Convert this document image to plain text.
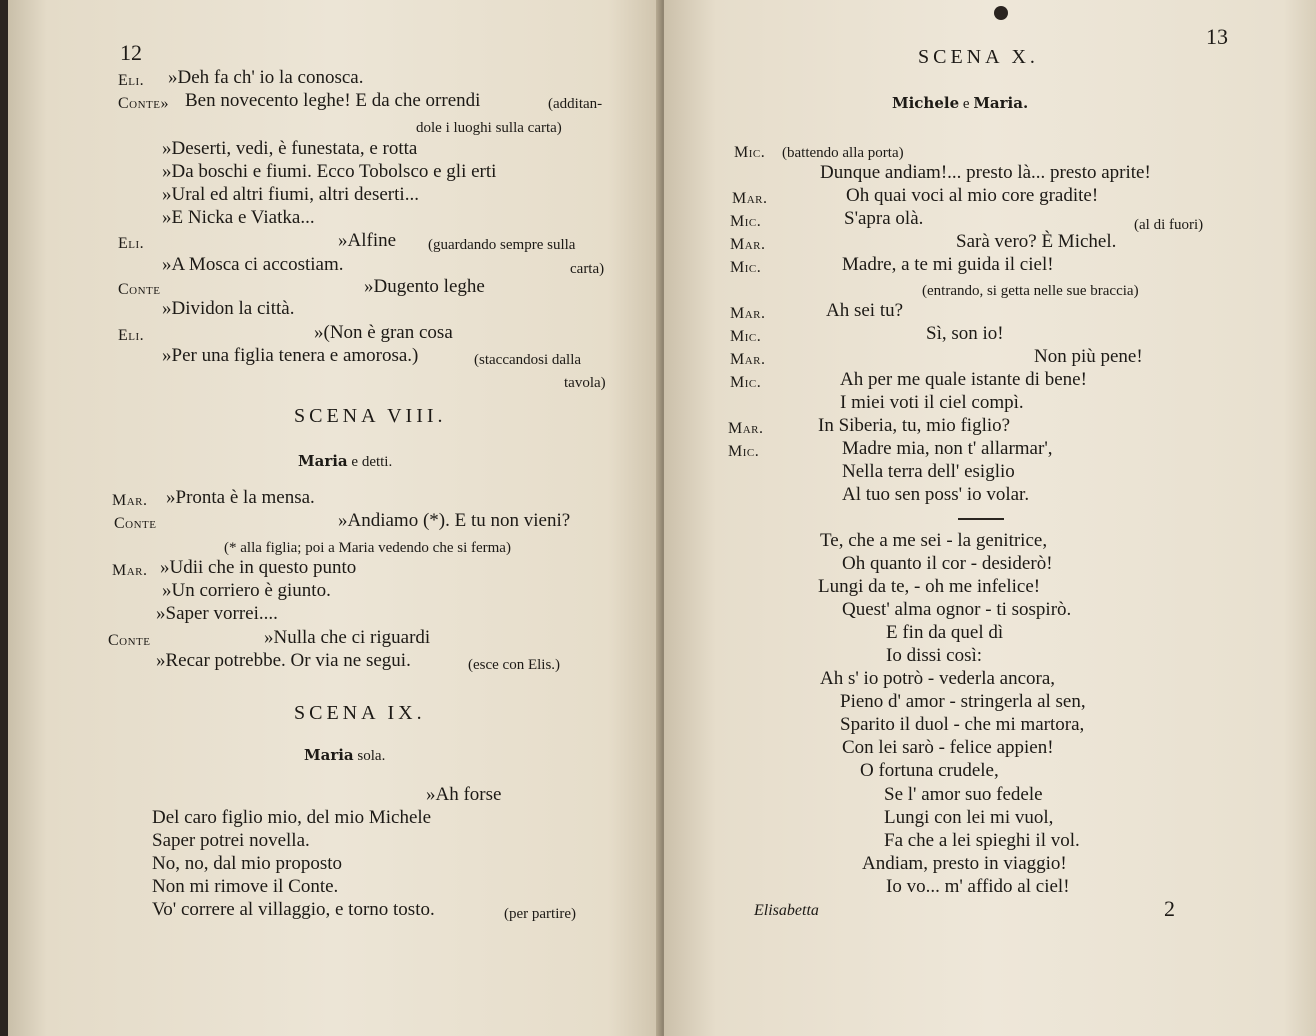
12
Eli. »Deh fa ch' io la conosca.
Conte» Ben novecento leghe! E da che orrendi	(additan-
dole i luoghi sulla carta)
»Deserti, vedi, è funestata, e rotta
»Da boschi e fiumi. Ecco Tobolsco e gli erti
»Ural ed altri fiumi, altri deserti...
»E Nicka e Viatka...
Eli.	»Alfine (guardando sempre sulla
»A Mosca ci accostiam.	carta)
Conte	»Dugento leghe
»Dividon la città.
Eli.	»(Non è gran cosa
»Per una figlia tenera e amorosa.)	(staccandosi dalla
tavola)
SCENA VIII.
Maria e detti.
Mar. »Pronta è la mensa.
Conte	»Andiamo (*). E tu non vieni?
(* alla figlia; poi a Maria vedendo che si ferma)
Mar. »Udii che in questo punto
»Un corriero è giunto.
»Saper vorrei....
Conte	»Nulla che ci riguardi
»Recar potrebbe. Or via ne segui.	(esce con Elis.)
SCENA IX.
Maria sola.
»Ah forse
Del caro figlio mio, del mio Michele
Saper potrei novella.
No, no, dal mio proposto
Non mi rimove il Conte.
Vo' correre al villaggio, e torno tosto.	(per partire)
13
SCENA X.
Michele e Maria.
Mic. (battendo alla porta)
Dunque andiam!... presto là... presto aprite!
Mar.	Oh quai voci al mio core gradite!
Mic.	S'apra olà.	(al di fuori)
Mar.	Sarà vero? È Michel.
Mic.	Madre, a te mi guida il ciel!
(entrando, si getta nelle sue braccia)
Mar.	Ah sei tu?
Mic.	Sì, son io!
Mar.	Non più pene!
Mic.	Ah per me quale istante di bene!
I miei voti il ciel compì.
Mar.	In Siberia, tu, mio figlio?
Mic.	Madre mia, non t' allarmar',
Nella terra dell' esiglio
Al tuo sen poss' io volar.
Te, che a me sei - la genitrice,
Oh quanto il cor - desiderò!
Lungi da te, - oh me infelice!
Quest' alma ognor - ti sospirò.
E fin da quel dì
Io dissi così:
Ah s' io potrò - vederla ancora,
Pieno d' amor - stringerla al sen,
Sparito il duol - che mi martora,
Con lei sarò - felice appien!
O fortuna crudele,
Se l' amor suo fedele
Lungi con lei mi vuol,
Fa che a lei spieghi il vol.
Andiam, presto in viaggio!
Io vo... m' affido al ciel!
Elisabetta	2
